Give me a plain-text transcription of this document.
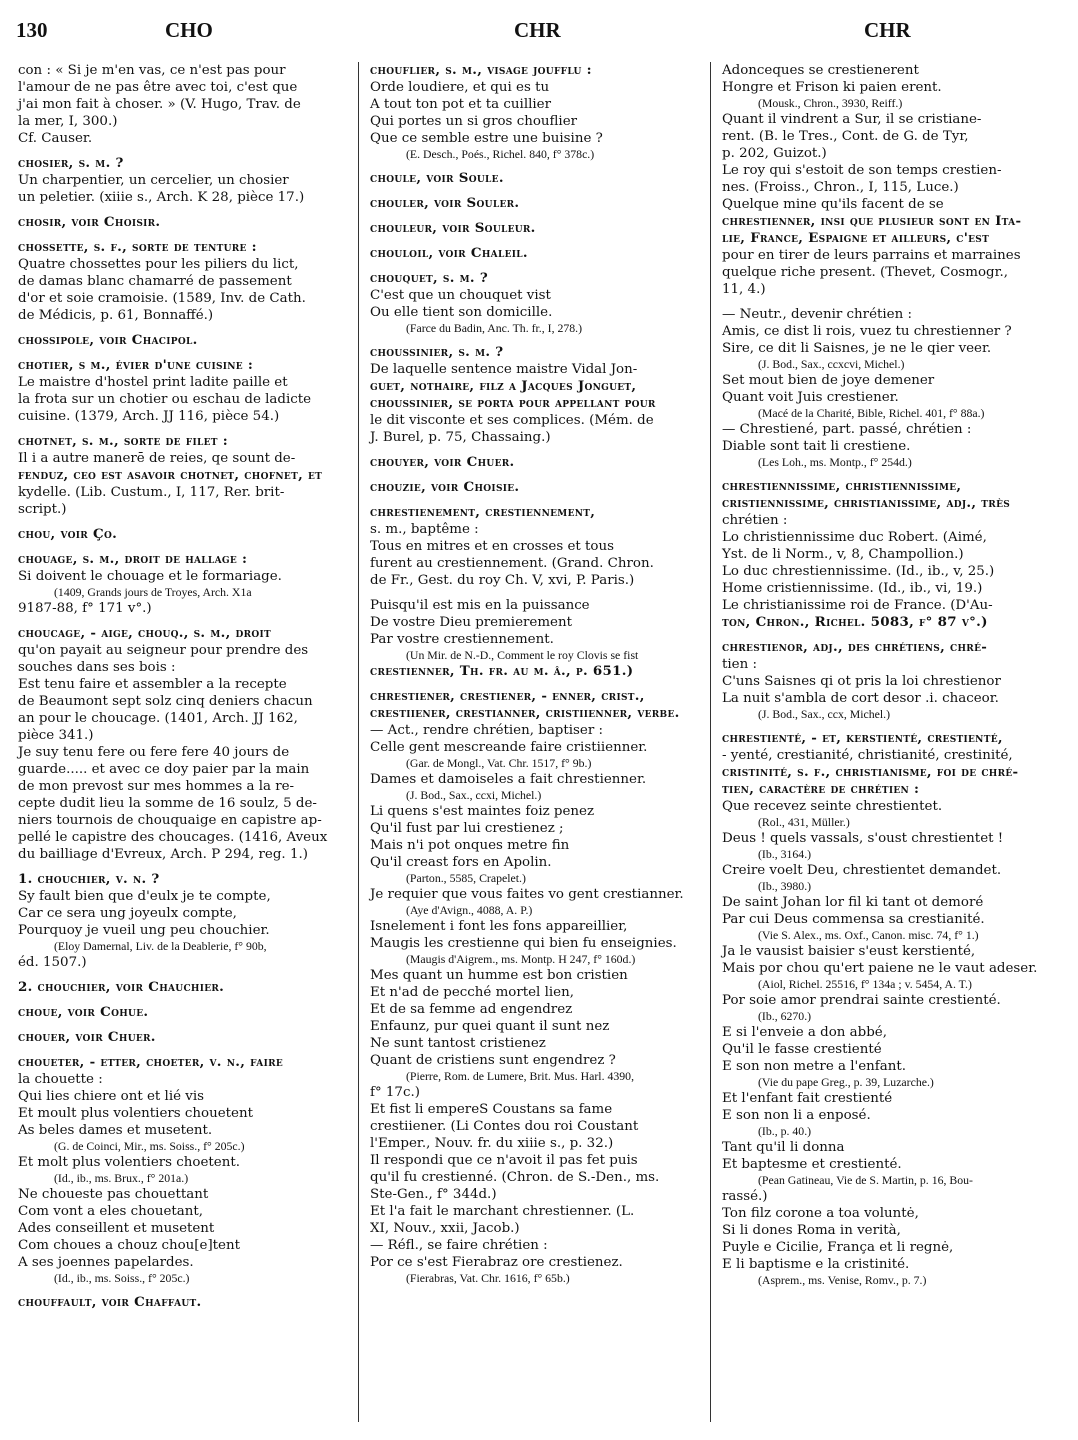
130	CHO	CHR	CHR
con : « Si je m'en vas, ce n'est pas pour
l'amour de ne pas être avec toi, c'est que
j'ai mon fait à choser. » (V. Hugo, Trav. de
la mer, I, 300.)
Cf. Causer.
chosier, s. m. ?
Un charpentier, un cercelier, un chosier
un peletier. (xiiie s., Arch. K 28, pièce 17.)
chosir, voir Choisir.
chossette, s. f., sorte de tenture :
Quatre chossettes pour les piliers du lict,
de damas blanc chamarré de passement
d'or et soie cramoisie. (1589, Inv. de Cath.
de Médicis, p. 61, Bonnaffé.)
chossipole, voir Chacipol.
chotier, s m., évier d'une cuisine :
Le maistre d'hostel print ladite paille et
la frota sur un chotier ou eschau de ladicte
cuisine. (1379, Arch. JJ 116, pièce 54.)
chotnet, s. m., sorte de filet :
Il i a autre manerē de reies, qe sount de-
fenduz, ceo est asavoir chotnet, chofnet, et
kydelle. (Lib. Custum., I, 117, Rer. brit-
script.)
chou, voir Ço.
chouage, s. m., droit de hallage :
Si doivent le chouage et le formariage.
(1409, Grands jours de Troyes, Arch. X1a
9187-88, f° 171 v°.)
choucage, - aige, chouq., s. m., droit
qu'on payait au seigneur pour prendre des
souches dans ses bois :
Est tenu faire et assembler a la recepte
de Beaumont sept solz cinq deniers chacun
an pour le choucage. (1401, Arch. JJ 162,
pièce 341.)
Je suy tenu fere ou fere fere 40 jours de
guarde..... et avec ce doy paier par la main
de mon prevost sur mes hommes a la re-
cepte dudit lieu la somme de 16 soulz, 5 de-
niers tournois de chouquaige en capistre ap-
pellé le capistre des choucages. (1416, Aveux
du bailliage d'Evreux, Arch. P 294, reg. 1.)
1. chouchier, v. n. ?
Sy fault bien que d'eulx je te compte,
Car ce sera ung joyeulx compte,
Pourquoy je vueil ung peu chouchier.
(Eloy Damernal, Liv. de la Deablerie, f° 90b,
éd. 1507.)
2. chouchier, voir Chauchier.
choue, voir Cohue.
chouer, voir Chuer.
choueter, - etter, choeter, v. n., faire
la chouette :
Qui lies chiere ont et lié vis
Et moult plus volentiers chouetent
As beles dames et musetent.
(G. de Coinci, Mir., ms. Soiss., f° 205c.)
Et molt plus volentiers choetent.
(Id., ib., ms. Brux., f° 201a.)
Ne choueste pas chouettant
Com vont a eles chouetant,
Ades conseillent et musetent
Com choues a chouz chou[e]tent
A ses joennes papelardes.
(Id., ib., ms. Soiss., f° 205c.)
chouffault, voir Chaffaut.
chouflier, s. m., visage joufflu :
Orde loudiere, et qui es tu
A tout ton pot et ta cuillier
Qui portes un si gros chouflier
Que ce semble estre une buisine ?
(E. Desch., Poés., Richel. 840, f° 378c.)
choule, voir Soule.
chouler, voir Souler.
chouleur, voir Souleur.
chouloil, voir Chaleil.
chouquet, s. m. ?
C'est que un chouquet vist
Ou elle tient son domicille.
(Farce du Badin, Anc. Th. fr., I, 278.)
choussinier, s. m. ?
De laquelle sentence maistre Vidal Jon-
guet, nothaire, filz a Jacques Jonguet,
choussinier, se porta pour appellant pour
le dit visconte et ses complices. (Mém. de
J. Burel, p. 75, Chassaing.)
chouyer, voir Chuer.
chouzie, voir Choisie.
chrestienement, crestiennement,
s. m., baptême :
Tous en mitres et en crosses et tous
furent au crestiennement. (Grand. Chron.
de Fr., Gest. du roy Ch. V, xvi, P. Paris.)
Puisqu'il est mis en la puissance
De vostre Dieu premierement
Par vostre crestiennement.
(Un Mir. de N.-D., Comment le roy Clovis se fist
crestienner, Th. fr. au m. â., p. 651.)
chrestiener, crestiener, - enner, crist.,
crestiiener, crestianner, cristiienner, verbe.
— Act., rendre chrétien, baptiser :
Celle gent mescreande faire cristiienner.
(Gar. de Mongl., Vat. Chr. 1517, f° 9b.)
Dames et damoiseles a fait chrestienner.
(J. Bod., Sax., ccxi, Michel.)
Li quens s'est maintes foiz penez
Qu'il fust par lui crestienez ;
Mais n'i pot onques metre fin
Qu'il creast fors en Apolin.
(Parton., 5585, Crapelet.)
Je requier que vous faites vo gent crestianner.
(Aye d'Avign., 4088, A. P.)
Isnelement i font les fons appareillier,
Maugis les crestienne qui bien fu enseignies.
(Maugis d'Aigrem., ms. Montp. H 247, f° 160d.)
Mes quant un humme est bon cristien
Et n'ad de pecché mortel lien,
Et de sa femme ad engendrez
Enfaunz, pur quei quant il sunt nez
Ne sunt tantost cristienez
Quant de cristiens sunt engendrez ?
(Pierre, Rom. de Lumere, Brit. Mus. Harl. 4390,
f° 17c.)
Et fist li empereS Coustans sa fame
crestiiener. (Li Contes dou roi Coustant
l'Emper., Nouv. fr. du xiiie s., p. 32.)
Il respondi que ce n'avoit il pas fet puis
qu'il fu crestienné. (Chron. de S.-Den., ms.
Ste-Gen., f° 344d.)
Et l'a fait le marchant chrestienner. (L.
XI, Nouv., xxii, Jacob.)
— Réfl., se faire chrétien :
Por ce s'est Fierabraz ore crestienez.
(Fierabras, Vat. Chr. 1616, f° 65b.)
Adonceques se crestienerent
Hongre et Frison ki paien erent.
(Mousk., Chron., 3930, Reiff.)
Quant il vindrent a Sur, il se cristiane-
rent. (B. le Tres., Cont. de G. de Tyr,
p. 202, Guizot.)
Le roy qui s'estoit de son temps crestien-
nes. (Froiss., Chron., I, 115, Luce.)
Quelque mine qu'ils facent de se
chrestienner, insi que plusieur sont en Ita-
lie, France, Espaigne et ailleurs, c'est
pour en tirer de leurs parrains et marraines
quelque riche present. (Thevet, Cosmogr.,
11, 4.)
— Neutr., devenir chrétien :
Amis, ce dist li rois, vuez tu chrestienner ?
Sire, ce dit li Saisnes, je ne le qier veer.
(J. Bod., Sax., ccxcvi, Michel.)
Set mout bien de joye demener
Quant voit Juis crestiener.
(Macé de la Charité, Bible, Richel. 401, f° 88a.)
— Chrestiené, part. passé, chrétien :
Diable sont tait li crestiene.
(Les Loh., ms. Montp., f° 254d.)
chrestiennissime, christiennissime,
cristiennissime, christianissime, adj., très
chrétien :
Lo christiennissime duc Robert. (Aimé,
Yst. de li Norm., v, 8, Champollion.)
Lo duc chrestiennissime. (Id., ib., v, 25.)
Home cristiennissime. (Id., ib., vi, 19.)
Le christianissime roi de France. (D'Au-
ton, Chron., Richel. 5083, f° 87 v°.)
chrestienor, adj., des chrétiens, chré-
tien :
C'uns Saisnes qi ot pris la loi chrestienor
La nuit s'ambla de cort desor .i. chaceor.
(J. Bod., Sax., ccx, Michel.)
chrestienté, - et, kerstienté, crestienté,
- yenté, crestianité, christianité, crestinité,
cristinité, s. f., christianisme, foi de chré-
tien, caractère de chrétien :
Que recevez seinte chrestientet.
(Rol., 431, Müller.)
Deus ! quels vassals, s'oust chrestientet !
(Ib., 3164.)
Creire voelt Deu, chrestientet demandet.
(Ib., 3980.)
De saint Johan lor fil ki tant ot demoré
Par cui Deus commensa sa crestianité.
(Vie S. Alex., ms. Oxf., Canon. misc. 74, f° 1.)
Ja le vausist baisier s'eust kerstienté,
Mais por chou qu'ert paiene ne le vaut adeser.
(Aiol, Richel. 25516, f° 134a ; v. 5454, A. T.)
Por soie amor prendrai sainte crestienté.
(Ib., 6270.)
E si l'enveie a don abbé,
Qu'il le fasse crestienté
E son non metre a l'enfant.
(Vie du pape Greg., p. 39, Luzarche.)
Et l'enfant fait crestienté
E son non li a enposé.
(Ib., p. 40.)
Tant qu'il li donna
Et baptesme et crestienté.
(Pean Gatineau, Vie de S. Martin, p. 16, Bou-
rassé.)
Ton filz corone a toa voluntė,
Si li dones Roma in verità,
Puyle e Cicilie, França et li regnė,
E li baptisme e la cristinité.
(Asprem., ms. Venise, Romv., p. 7.)
